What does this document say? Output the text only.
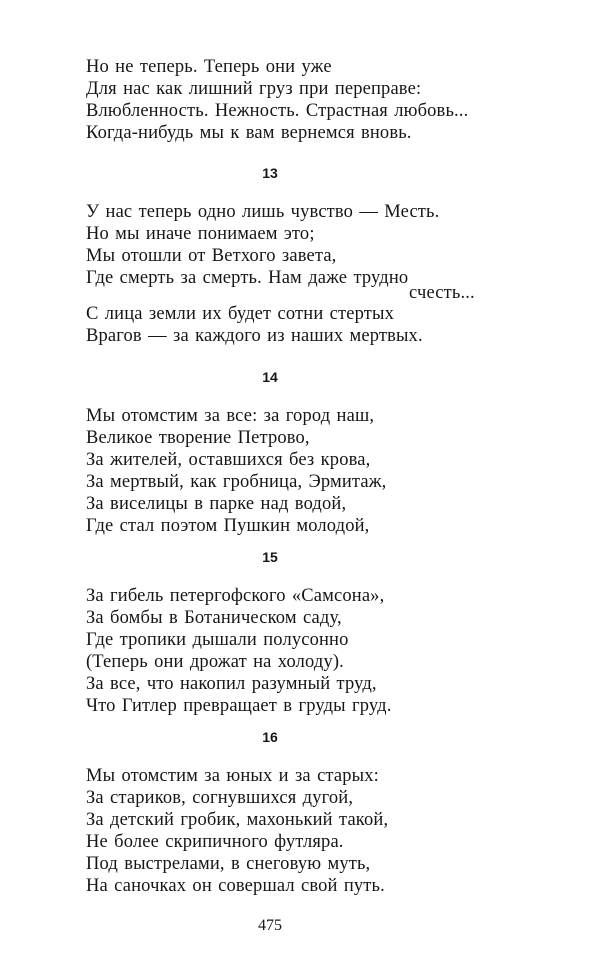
Но не теперь. Теперь они уже
Для нас как лишний груз при переправе:
Влюбленность. Нежность. Страстная любовь...
Когда-нибудь мы к вам вернемся вновь.
13
У нас теперь одно лишь чувство — Месть.
Но мы иначе понимаем это;
Мы отошли от Ветхого завета,
Где смерть за смерть. Нам даже трудно
счесть...
С лица земли их будет сотни стертых
Врагов — за каждого из наших мертвых.
14
Мы отомстим за все: за город наш,
Великое творение Петрово,
За жителей, оставшихся без крова,
За мертвый, как гробница, Эрмитаж,
За виселицы в парке над водой,
Где стал поэтом Пушкин молодой,
15
За гибель петергофского «Самсона»,
За бомбы в Ботаническом саду,
Где тропики дышали полусонно
(Теперь они дрожат на холоду).
За все, что накопил разумный труд,
Что Гитлер превращает в груды груд.
16
Мы отомстим за юных и за старых:
За стариков, согнувшихся дугой,
За детский гробик, махонький такой,
Не более скрипичного футляра.
Под выстрелами, в снеговую муть,
На саночках он совершал свой путь.
475
